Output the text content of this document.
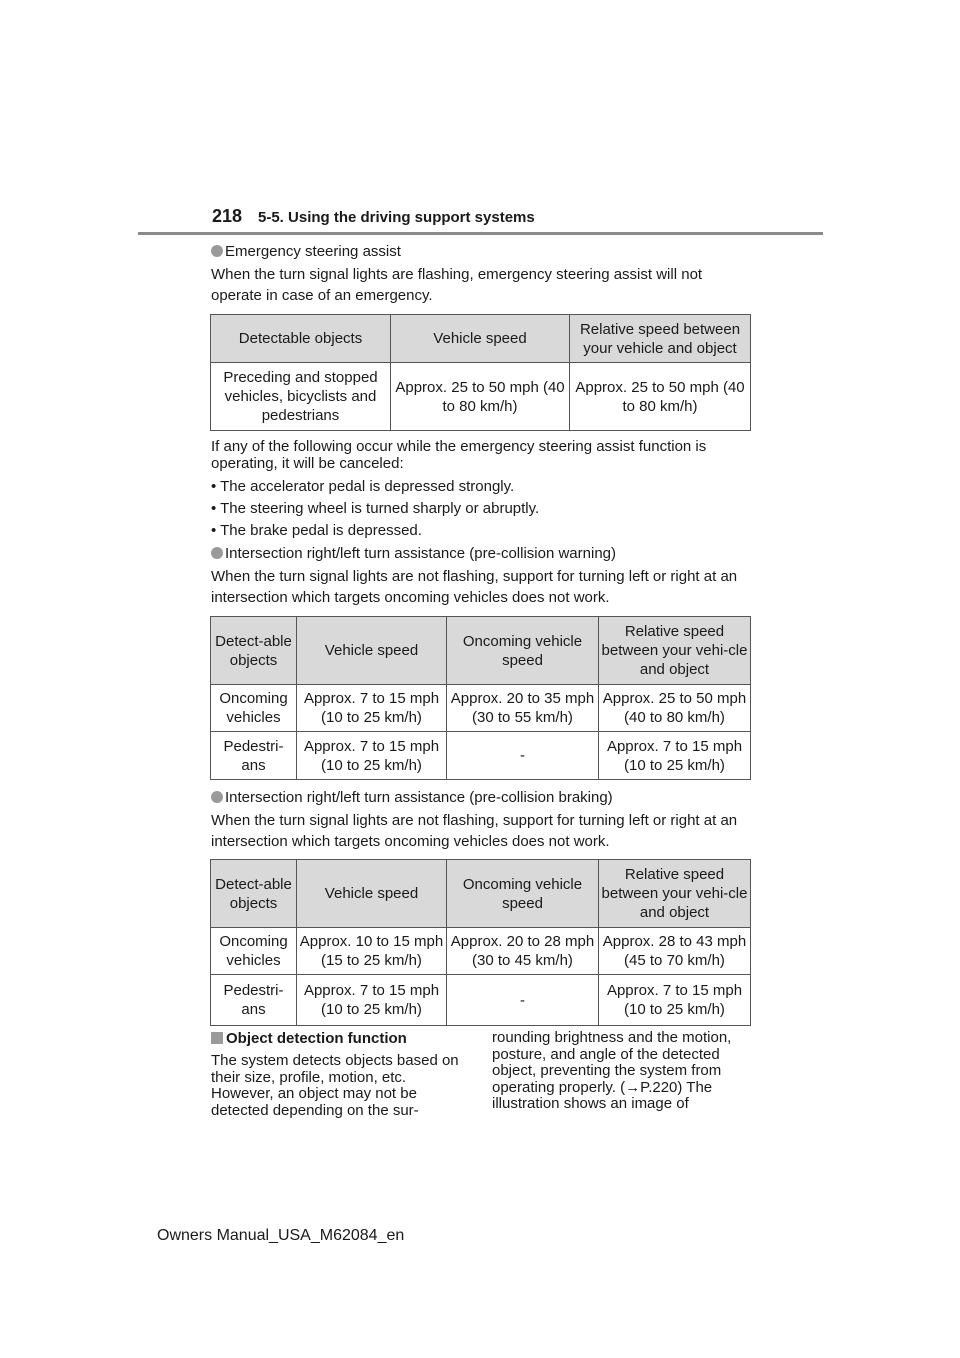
218 5-5. Using the driving support systems
Emergency steering assist
When the turn signal lights are flashing, emergency steering assist will not operate in case of an emergency.
Detectable objects	Vehicle speed	Relative speed between your vehicle and object
Preceding and stopped vehicles, bicyclists and pedestrians	Approx. 25 to 50 mph (40 to 80 km/h)	Approx. 25 to 50 mph (40 to 80 km/h)
If any of the following occur while the emergency steering assist function is operating, it will be canceled:
• The accelerator pedal is depressed strongly.
• The steering wheel is turned sharply or abruptly.
• The brake pedal is depressed.
Intersection right/left turn assistance (pre-collision warning)
When the turn signal lights are not flashing, support for turning left or right at an intersection which targets oncoming vehicles does not work.
Detect-able objects	Vehicle speed	Oncoming vehicle speed	Relative speed between your vehi-cle and object
Oncoming vehicles	Approx. 7 to 15 mph (10 to 25 km/h)	Approx. 20 to 35 mph (30 to 55 km/h)	Approx. 25 to 50 mph (40 to 80 km/h)
Pedestri-ans	Approx. 7 to 15 mph (10 to 25 km/h)	-	Approx. 7 to 15 mph (10 to 25 km/h)
Intersection right/left turn assistance (pre-collision braking)
When the turn signal lights are not flashing, support for turning left or right at an intersection which targets oncoming vehicles does not work.
Detect-able objects	Vehicle speed	Oncoming vehicle speed	Relative speed between your vehi-cle and object
Oncoming vehicles	Approx. 10 to 15 mph (15 to 25 km/h)	Approx. 20 to 28 mph (30 to 45 km/h)	Approx. 28 to 43 mph (45 to 70 km/h)
Pedestri-ans	Approx. 7 to 15 mph (10 to 25 km/h)	-	Approx. 7 to 15 mph (10 to 25 km/h)
Object detection function
The system detects objects based on their size, profile, motion, etc. However, an object may not be detected depending on the sur-
rounding brightness and the motion, posture, and angle of the detected object, preventing the system from operating properly. (→P.220) The illustration shows an image of
Owners Manual_USA_M62084_en
